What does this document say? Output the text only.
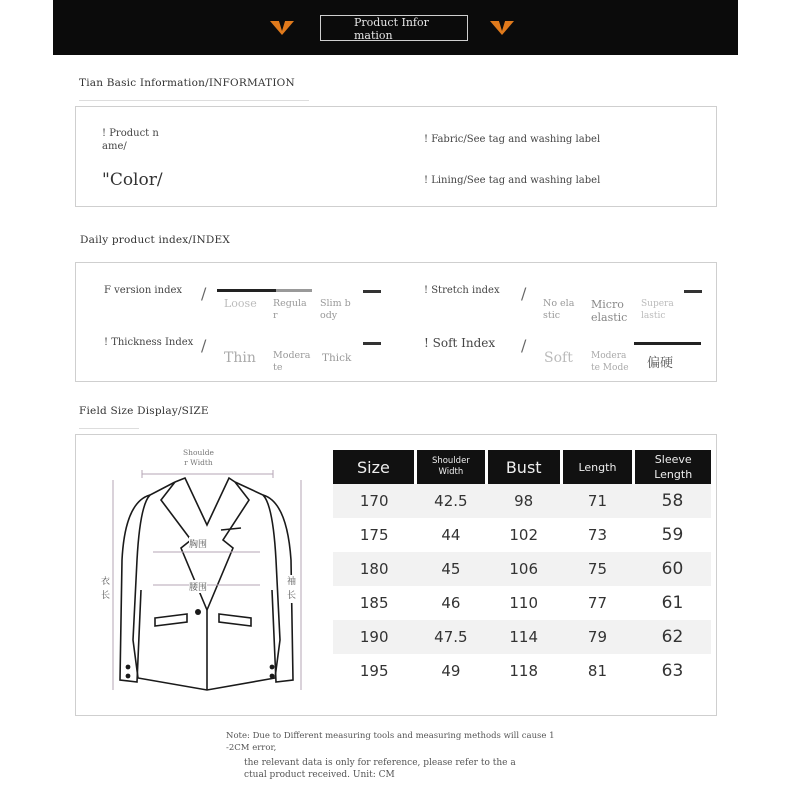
Product Infor
mation
Tian Basic Information/INFORMATION
! Product n
ame/
"Color/
! Fabric/See tag and washing label
! Lining/See tag and washing label
Daily product index/INDEX
F version index /
Loose Regula
r
Slim b
ody
! Stretch index /
No ela
stic
Micro
elastic
Supera
lastic
! Thickness Index /
Thin Modera
te
Thick
! Soft Index /
Soft Modera
te Mode 偏硬
Field Size Display/SIZE
Shoulde
r Width
胸围
腰围
衣长
袖长
Size	Shoulder
Width	Bust	Length	Sleeve
Length
170	42.5	98	71	58
175	44	102	73	59
180	45	106	75	60
185	46	110	77	61
190	47.5	114	79	62
195	49	118	81	63
Note: Due to Different measuring tools and measuring methods will cause 1
-2CM error,
the relevant data is only for reference, please refer to the a
ctual product received. Unit: CM
